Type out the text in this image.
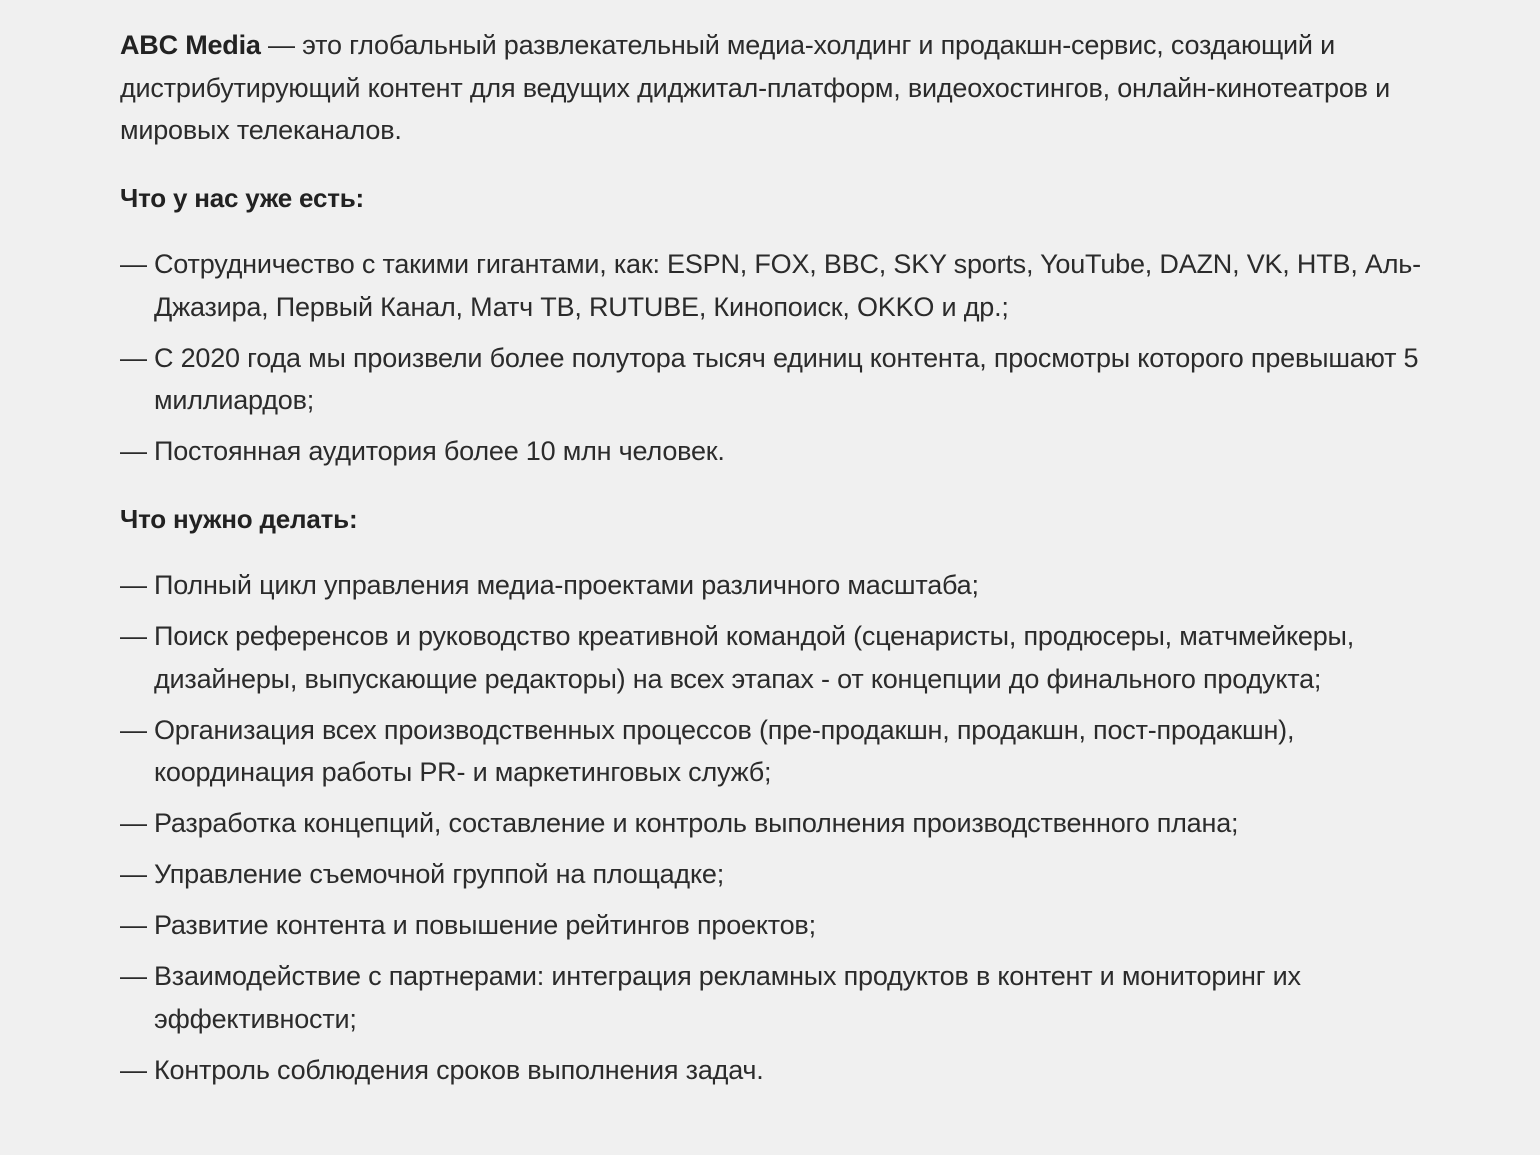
ABC Media — это глобальный развлекательный медиа-холдинг и продакшн-сервис, создающий и дистрибутирующий контент для ведущих диджитал-платформ, видеохостингов, онлайн-кинотеатров и мировых телеканалов.

Что у нас уже есть:
— Сотрудничество с такими гигантами, как: ESPN, FOX, BBC, SKY sports, YouTube, DAZN, VK, НТВ, Аль-Джазира, Первый Канал, Матч ТВ, RUTUBE, Кинопоиск, OKKO и др.;
— С 2020 года мы произвели более полутора тысяч единиц контента, просмотры которого превышают 5 миллиардов;
— Постоянная аудитория более 10 млн человек.
Что нужно делать:
— Полный цикл управления медиа-проектами различного масштаба;
— Поиск референсов и руководство креативной командой (сценаристы, продюсеры, матчмейкеры, дизайнеры, выпускающие редакторы) на всех этапах - от концепции до финального продукта;
— Организация всех производственных процессов (пре-продакшн, продакшн, пост-продакшн), координация работы PR- и маркетинговых служб;
— Разработка концепций, составление и контроль выполнения производственного плана;
— Управление съемочной группой на площадке;
— Развитие контента и повышение рейтингов проектов;
— Взаимодействие с партнерами: интеграция рекламных продуктов в контент и мониторинг их эффективности;
— Контроль соблюдения сроков выполнения задач.
